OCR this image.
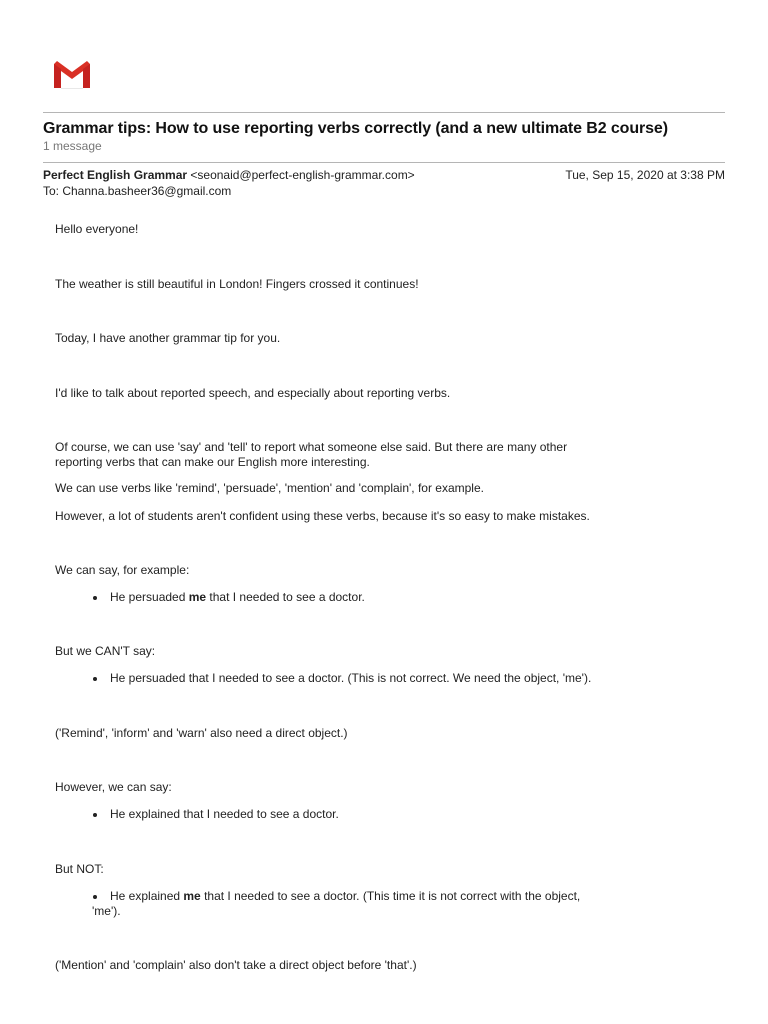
Grammar tips: How to use reporting verbs correctly (and a new ultimate B2 course)
1 message
Perfect English Grammar <seonaid@perfect-english-grammar.com>	Tue, Sep 15, 2020 at 3:38 PM
To: Channa.basheer36@gmail.com
Hello everyone!
The weather is still beautiful in London! Fingers crossed it continues!
Today, I have another grammar tip for you.
I'd like to talk about reported speech, and especially about reporting verbs.
Of course, we can use 'say' and 'tell' to report what someone else said. But there are many other reporting verbs that can make our English more interesting.
We can use verbs like 'remind', 'persuade', 'mention' and 'complain', for example.
However, a lot of students aren't confident using these verbs, because it's so easy to make mistakes.
We can say, for example:
He persuaded me that I needed to see a doctor.
But we CAN'T say:
He persuaded that I needed to see a doctor. (This is not correct. We need the object, 'me').
('Remind', 'inform' and 'warn' also need a direct object.)
However, we can say:
He explained that I needed to see a doctor.
But NOT:
He explained me that I needed to see a doctor. (This time it is not correct with the object, 'me').
('Mention' and 'complain' also don't take a direct object before 'that'.)
